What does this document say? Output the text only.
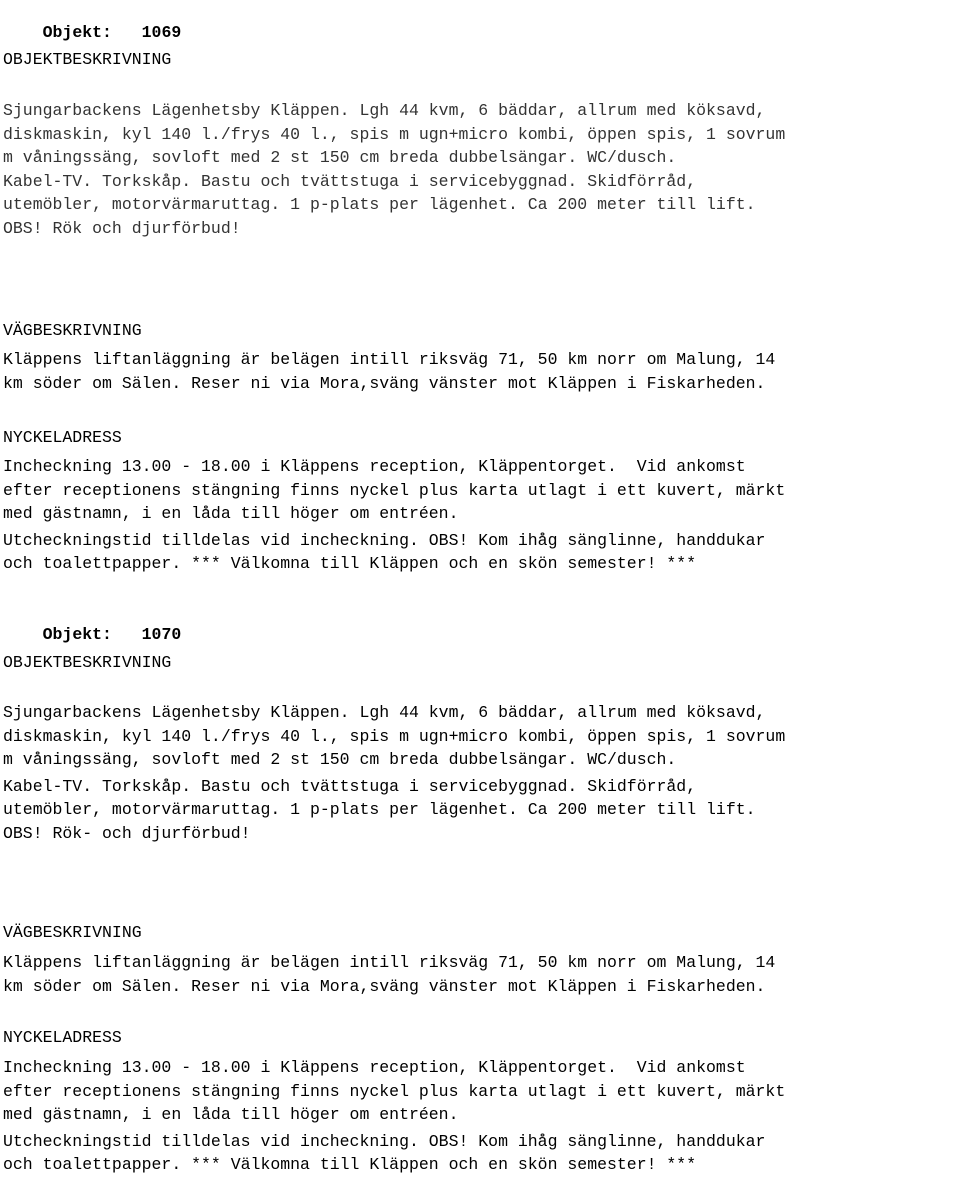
Objekt: 1069

OBJEKTBESKRIVNING
Sjungarbackens Lägenhetsby Kläppen. Lgh 44 kvm, 6 bäddar, allrum med köksavd,
diskmaskin, kyl 140 l./frys 40 l., spis m ugn+micro kombi, öppen spis, 1 sovrum
m våningssäng, sovloft med 2 st 150 cm breda dubbelsängar. WC/dusch.
Kabel-TV. Torkskåp. Bastu och tvättstuga i servicebyggnad. Skidförråd,
utemöbler, motorvärmaruttag. 1 p-plats per lägenhet. Ca 200 meter till lift.
OBS! Rök och djurförbud!
VÄGBESKRIVNING
Kläppens liftanläggning är belägen intill riksväg 71, 50 km norr om Malung, 14
km söder om Sälen. Reser ni via Mora,sväng vänster mot Kläppen i Fiskarheden.
NYCKELADRESS
Incheckning 13.00 - 18.00 i Kläppens reception, Kläppentorget.  Vid ankomst
efter receptionens stängning finns nyckel plus karta utlagt i ett kuvert, märkt
med gästnamn, i en låda till höger om entréen.
Utcheckningstid tilldelas vid incheckning. OBS! Kom ihåg sänglinne, handdukar
och toalettpapper. *** Välkomna till Kläppen och en skön semester! ***

Objekt: 1070

OBJEKTBESKRIVNING
Sjungarbackens Lägenhetsby Kläppen. Lgh 44 kvm, 6 bäddar, allrum med köksavd,
diskmaskin, kyl 140 l./frys 40 l., spis m ugn+micro kombi, öppen spis, 1 sovrum
m våningssäng, sovloft med 2 st 150 cm breda dubbelsängar. WC/dusch.
Kabel-TV. Torkskåp. Bastu och tvättstuga i servicebyggnad. Skidförråd,
utemöbler, motorvärmaruttag. 1 p-plats per lägenhet. Ca 200 meter till lift.
OBS! Rök- och djurförbud!
VÄGBESKRIVNING
Kläppens liftanläggning är belägen intill riksväg 71, 50 km norr om Malung, 14
km söder om Sälen. Reser ni via Mora,sväng vänster mot Kläppen i Fiskarheden.
NYCKELADRESS
Incheckning 13.00 - 18.00 i Kläppens reception, Kläppentorget.  Vid ankomst
efter receptionens stängning finns nyckel plus karta utlagt i ett kuvert, märkt
med gästnamn, i en låda till höger om entréen.
Utcheckningstid tilldelas vid incheckning. OBS! Kom ihåg sänglinne, handdukar
och toalettpapper. *** Välkomna till Kläppen och en skön semester! ***
